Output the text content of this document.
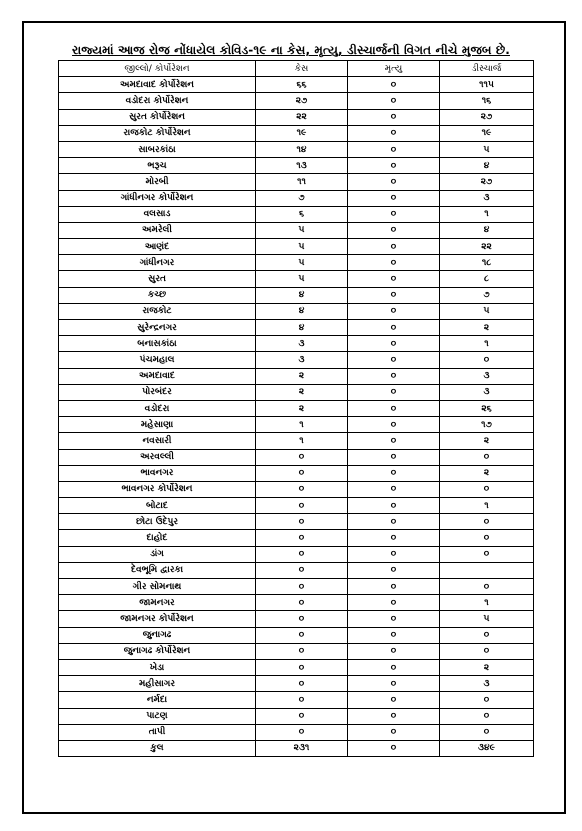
રાજ્યમાં આજ રોજ નોંધાયેલ કોવિડ-૧૯ ના કેસ, મૃત્યુ, ડીસ્ચાર્જની વિગત નીચે મુજબ છે.
જીલ્લો/ કોર્પોરેશન	કેસ	મૃત્યુ	ડીસ્ચાર્જ
અમદાવાદ કોર્પોરેશન	૬૬	૦	૧૧૫
વડોદરા કોર્પોરેશન	૨૭	૦	૧૬
સુરત કોર્પોરેશન	૨૨	૦	૨૭
રાજકોટ કોર્પોરેશન	૧૯	૦	૧૯
સાબરકાંઠા	૧૪	૦	૫
ભરૂચ	૧૩	૦	૪
મોરબી	૧૧	૦	૨૭
ગાંધીનગર કોર્પોરેશન	૭	૦	૩
વલસાડ	૬	૦	૧
અમરેલી	૫	૦	૪
આણંદ	૫	૦	૨૨
ગાંધીનગર	૫	૦	૧૮
સુરત	૫	૦	૮
કચ્છ	૪	૦	૭
રાજકોટ	૪	૦	૫
સુરેન્દ્રનગર	૪	૦	૨
બનાસકાંઠા	૩	૦	૧
પંચમહાલ	૩	૦	૦
અમદાવાદ	૨	૦	૩
પોરબંદર	૨	૦	૩
વડોદરા	૨	૦	૨૬
મહેસાણા	૧	૦	૧૭
નવસારી	૧	૦	૨
અરવલ્લી	૦	૦	૦
ભાવનગર	૦	૦	૨
ભાવનગર કોર્પોરેશન	૦	૦	૦
બોટાદ	૦	૦	૧
છોટા ઉદેપુર	૦	૦	૦
દાહોદ	૦	૦	૦
ડાંગ	૦	૦	૦
દેવભૂમિ દ્વારકા	૦	૦	
ગીર સોમનાથ	૦	૦	૦
જામનગર	૦	૦	૧
જામનગર કોર્પોરેશન	૦	૦	૫
જુનાગઢ	૦	૦	૦
જુનાગઢ કોર્પોરેશન	૦	૦	૦
ખેડા	૦	૦	૨
મહીસાગર	૦	૦	૩
નર્મદા	૦	૦	૦
પાટણ	૦	૦	૦
તાપી	૦	૦	૦
કુલ	૨૩૧	૦	૩૪૯
